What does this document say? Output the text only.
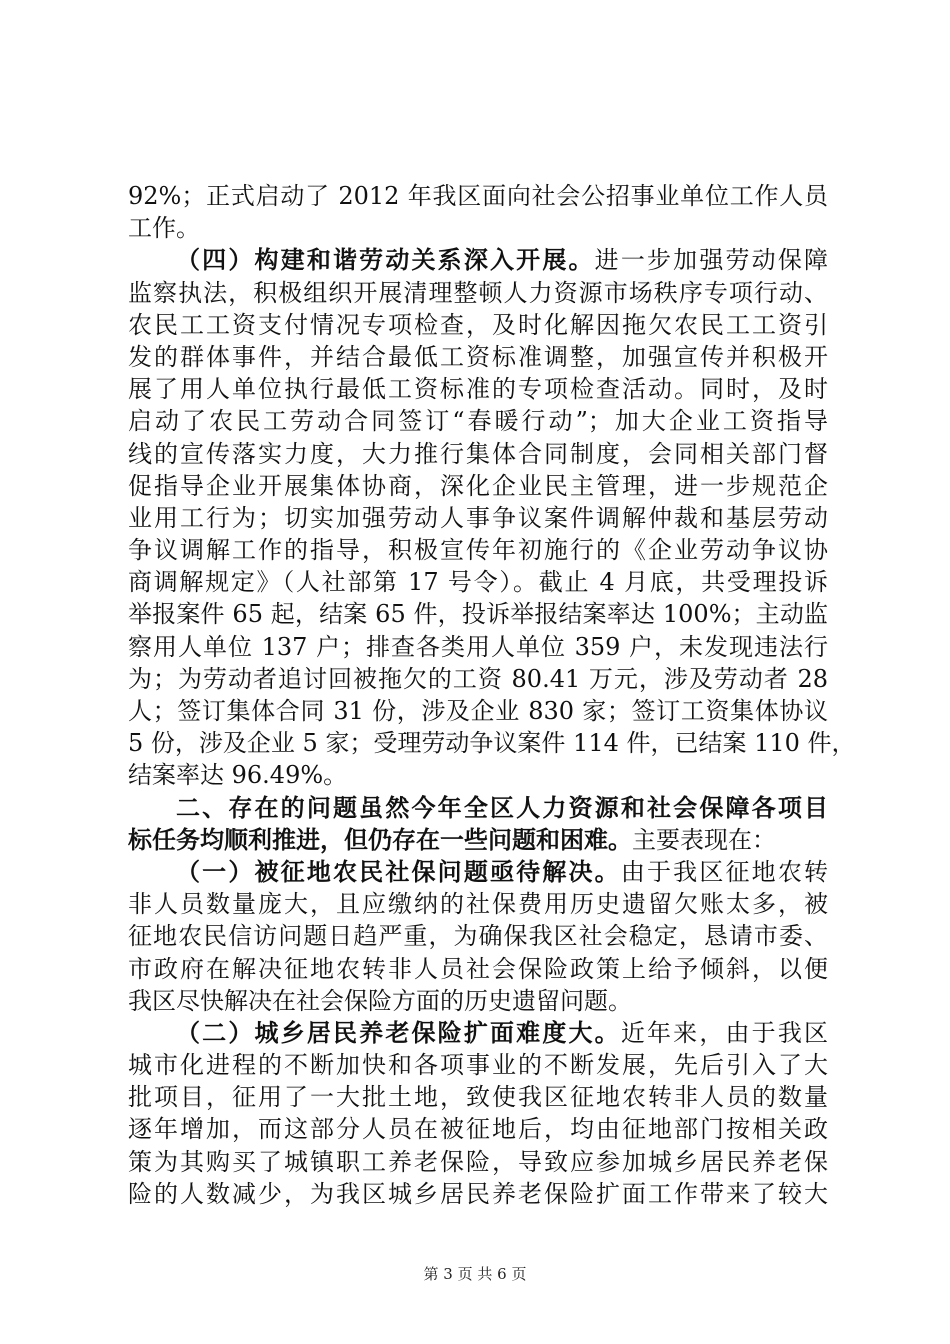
92%；正式启动了 2012 年我区面向社会公招事业单位工作人员
工作。
（四）构建和谐劳动关系深入开展。进一步加强劳动保障
监察执法，积极组织开展清理整顿人力资源市场秩序专项行动、
农民工工资支付情况专项检查，及时化解因拖欠农民工工资引
发的群体事件，并结合最低工资标准调整，加强宣传并积极开
展了用人单位执行最低工资标准的专项检查活动。同时，及时
启动了农民工劳动合同签订“春暖行动”；加大企业工资指导
线的宣传落实力度，大力推行集体合同制度，会同相关部门督
促指导企业开展集体协商，深化企业民主管理，进一步规范企
业用工行为；切实加强劳动人事争议案件调解仲裁和基层劳动
争议调解工作的指导，积极宣传年初施行的《企业劳动争议协
商调解规定》（人社部第 17 号令）。截止 4 月底，共受理投诉
举报案件 65 起，结案 65 件，投诉举报结案率达 100%；主动监
察用人单位 137 户；排查各类用人单位 359 户，未发现违法行
为；为劳动者追讨回被拖欠的工资 80.41 万元，涉及劳动者 28
人；签订集体合同 31 份，涉及企业 830 家；签订工资集体协议
5 份，涉及企业 5 家；受理劳动争议案件 114 件，已结案 110 件，
结案率达 96.49%。
二、存在的问题虽然今年全区人力资源和社会保障各项目
标任务均顺利推进，但仍存在一些问题和困难。主要表现在：
（一）被征地农民社保问题亟待解决。由于我区征地农转
非人员数量庞大，且应缴纳的社保费用历史遗留欠账太多，被
征地农民信访问题日趋严重，为确保我区社会稳定，恳请市委、
市政府在解决征地农转非人员社会保险政策上给予倾斜，以便
我区尽快解决在社会保险方面的历史遗留问题。
（二）城乡居民养老保险扩面难度大。近年来，由于我区
城市化进程的不断加快和各项事业的不断发展，先后引入了大
批项目，征用了一大批土地，致使我区征地农转非人员的数量
逐年增加，而这部分人员在被征地后，均由征地部门按相关政
策为其购买了城镇职工养老保险，导致应参加城乡居民养老保
险的人数减少，为我区城乡居民养老保险扩面工作带来了较大
第 3 页 共 6 页
